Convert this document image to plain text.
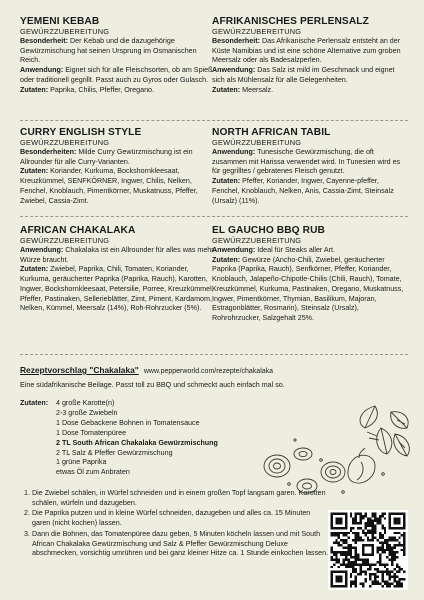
YEMENI KEBAB

GEWÜRZZUBEREITUNG

Besonderheit: Der Kebab und die dazugehörige Gewürzmischung hat seinen Ursprung im Osmanischen Reich.

Anwendung: Eignet sich für alle Fleischsorten, ob am Spieß oder traditionell gegrillt. Passt auch zu Gyros oder Gulasch.

Zutaten: Paprika, Chilis, Pfeffer, Oregano.

CURRY ENGLISH STYLE

GEWÜRZZUBEREITUNG

Besonderheiten: Milde Curry Gewürzmischung ist ein Allrounder für alle Curry-Varianten.

Zutaten: Koriander, Kurkuma, Bockshornkleesaat, Kreuzkümmel, SENFKÖRNER, Ingwer, Chilis, Nelken, Fenchel, Knoblauch, Pimentkörner, Muskatnuss, Pfeffer, Zwiebel, Cassia-Zimt.

AFRICAN CHAKALAKA

GEWÜRZZUBEREITUNG

Anwendung: Chakalaka ist ein Allrounder für alles was mehr Würze braucht.

Zutaten: Zwiebel, Paprika, Chili, Tomaten, Koriander, Kurkuma, geräucherter Paprika (Paprika, Rauch), Karotten, Ingwer, Bockshornkleesaat, Petersilie, Porree, Kreuzkümmel, Pfeffer, Pastinaken, Sellerieblätter, Zimt, Piment, Kardamom, Nelken, Kümmel, Meersalz (14%), Roh-Rohrzucker (5%).

AFRIKANISCHES PERLENSALZ

GEWÜRZZUBEREITUNG

Besonderheit: Das Afrikanische Perlensalz entsteht an der Küste Namibias und ist eine schöne Alternative zum groben Meersalz oder als Badesalzperlen.

Anwendung: Das Salz ist mild im Geschmack und eignet sich als Mühlensalz für alle Gelegenheiten.

Zutaten: Meersalz.

NORTH AFRICAN TABIL

GEWÜRZZUBEREITUNG

Anwendung: Tunesische Gewürzmischung, die oft zusammen mit Harissa verwendet wird. In Tunesien wird es für gegrilltes / gebratenes Fleisch genutzt.

Zutaten: Pfeffer, Koriander, Ingwer, Cayenne-pfeffer, Fenchel, Knoblauch, Nelken, Anis, Cassia-Zimt, Steinsalz (Ursalz) (11%).

EL GAUCHO BBQ RUB

GEWÜRZZUBEREITUNG

Anwendung: Ideal für Steaks aller Art.

Zutaten: Gewürze (Ancho-Chili, Zwiebel, geräucherter Paprika (Paprika, Rauch), Senfkörner, Pfeffer, Koriander, Knoblauch, Jalapeño-Chipotle-Chilis (Chili, Rauch), Tomate, Kreuzkümmel, Kurkuma, Pastinaken, Oregano, Muskatnuss, Ingwer, Pimentkörner, Thymian, Basilikum, Majoran, Estragonblätter, Rosmarin), Steinsalz (Ursalz), Rohrohrzucker, Salzgehalt 25%.

Rezeptvorschlag "Chakalaka" www.pepperworld.com/rezepte/chakalaka
Eine südafrikanische Beilage. Passt toll zu BBQ und schmeckt auch einfach mal so.
Zutaten: 4 große Karotte(n)
2-3 große Zwiebeln
1 Dose Gebackene Bohnen in Tomatensauce
1 Dose Tomatenpüree
2 TL South African Chakalaka Gewürzmischung
2 TL Salz & Pfeffer Gewürzmischung
1 grüne Paprika
etwas Öl zum Anbraten
1. Die Zwiebel schälen, in Würfel schneiden und in einem großen Topf langsam garen. Karotten schälen, würfeln und dazugeben.
2. Die Paprika putzen und in kleine Würfel schneiden, dazugeben und alles ca. 15 Minuten garen (nicht kochen) lassen.
3. Dann die Bohnen, das Tomatenpüree dazu geben, 5 Minuten köcheln lassen und mit South African Chakalaka Gewürzmischung und Salz & Pfeffer Gewürzmischung Deluxe abschmecken, vorsichtig umrühren und bei ganz kleiner Hitze ca. 1 Stunde einkochen lassen.
